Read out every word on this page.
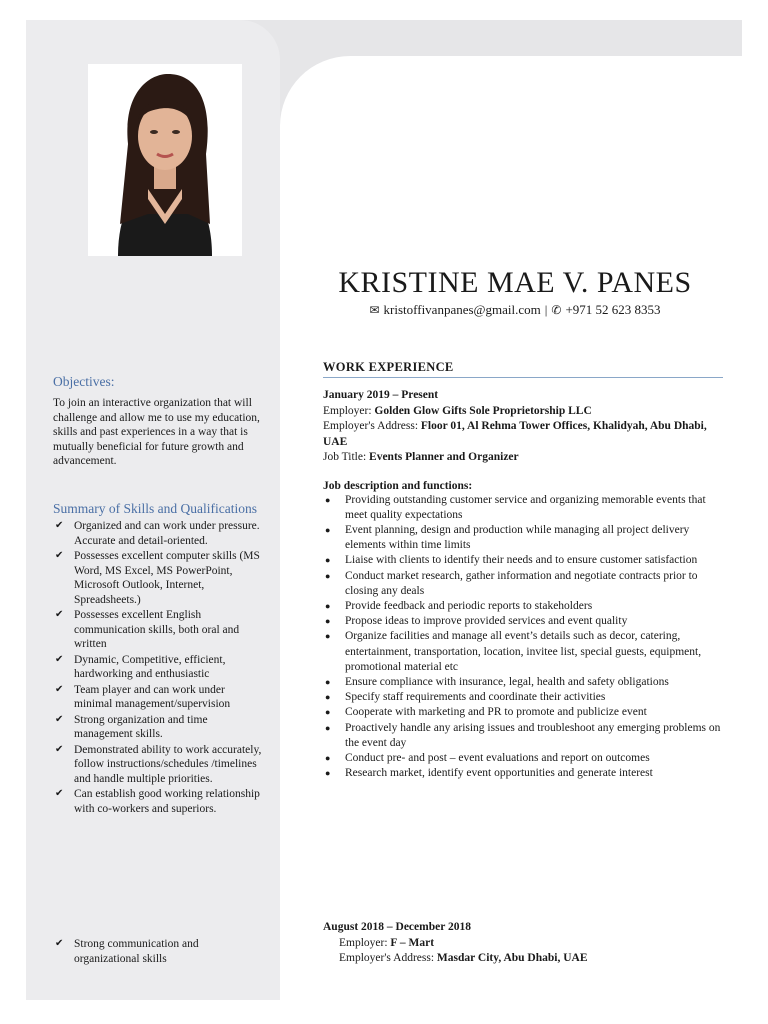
KRISTINE MAE V. PANES
✉ kristoffivanpanes@gmail.com | ✆ +971 52 623 8353
Objectives:

To join an interactive organization that will challenge and allow me to use my education, skills and past experiences in a way that is mutually beneficial for future growth and advancement.

Summary of Skills and Qualifications
✔ Organized and can work under pressure. Accurate and detail-oriented.
✔ Possesses excellent computer skills (MS Word, MS Excel, MS PowerPoint, Microsoft Outlook, Internet, Spreadsheets.)
✔ Possesses excellent English communication skills, both oral and written
✔ Dynamic, Competitive, efficient, hardworking and enthusiastic
✔ Team player and can work under minimal management/supervision
✔ Strong organization and time management skills.
✔ Demonstrated ability to work accurately, follow instructions/schedules /timelines and handle multiple priorities.
✔ Can establish good working relationship with co-workers and superiors.
✔ Strong communication and organizational skills
WORK EXPERIENCE

January 2019 – Present

Employer: Golden Glow Gifts Sole Proprietorship LLC

Employer's Address: Floor 01, Al Rehma Tower Offices, Khalidyah, Abu Dhabi, UAE

Job Title: Events Planner and Organizer

Job description and functions:

● Providing outstanding customer service and organizing memorable events that meet quality expectations
● Event planning, design and production while managing all project delivery elements within time limits
● Liaise with clients to identify their needs and to ensure customer satisfaction
● Conduct market research, gather information and negotiate contracts prior to closing any deals
● Provide feedback and periodic reports to stakeholders
● Propose ideas to improve provided services and event quality
● Organize facilities and manage all event’s details such as decor, catering, entertainment, transportation, location, invitee list, special guests, equipment, promotional material etc
● Ensure compliance with insurance, legal, health and safety obligations
● Specify staff requirements and coordinate their activities
● Cooperate with marketing and PR to promote and publicize event
● Proactively handle any arising issues and troubleshoot any emerging problems on the event day
● Conduct pre- and post – event evaluations and report on outcomes
● Research market, identify event opportunities and generate interest

August 2018 – December 2018

Employer: F – Mart

Employer's Address: Masdar City, Abu Dhabi, UAE
